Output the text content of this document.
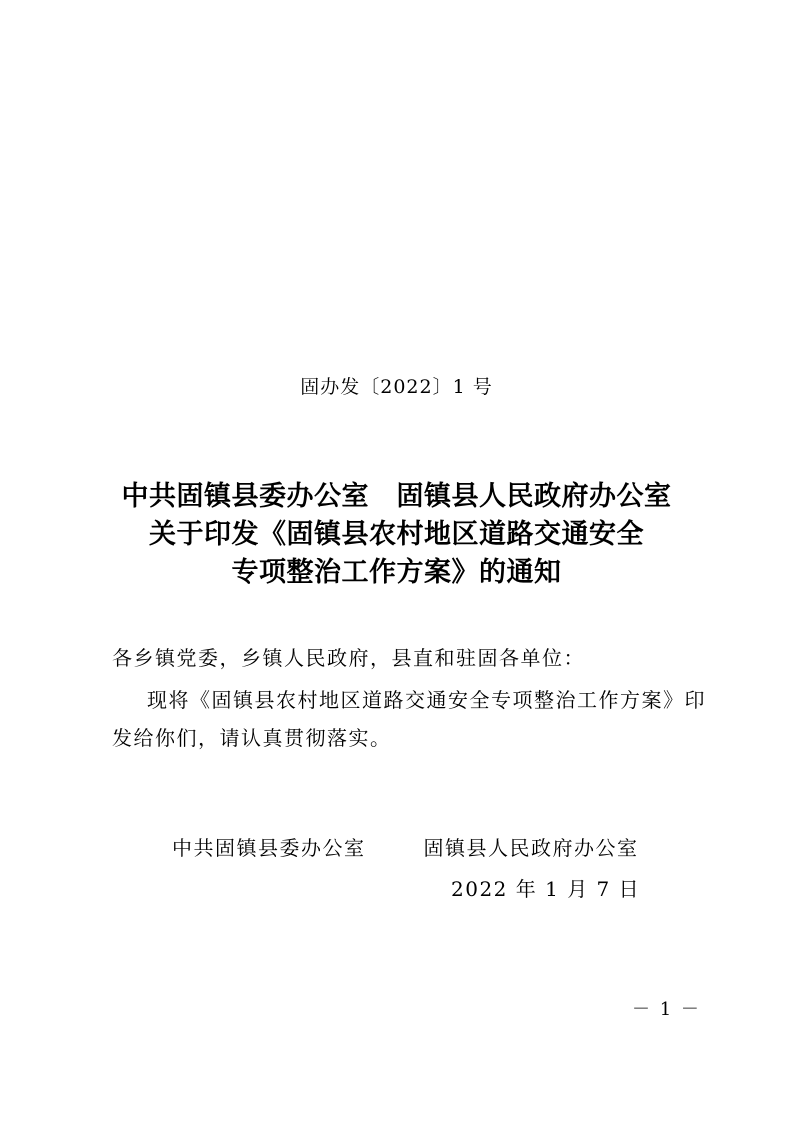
固办发〔2022〕1 号
中共固镇县委办公室　固镇县人民政府办公室
关于印发《固镇县农村地区道路交通安全
专项整治工作方案》的通知
各乡镇党委，乡镇人民政府，县直和驻固各单位：
现将《固镇县农村地区道路交通安全专项整治工作方案》印
发给你们，请认真贯彻落实。
中共固镇县委办公室	固镇县人民政府办公室
2022 年 1 月 7 日
－ 1 －
